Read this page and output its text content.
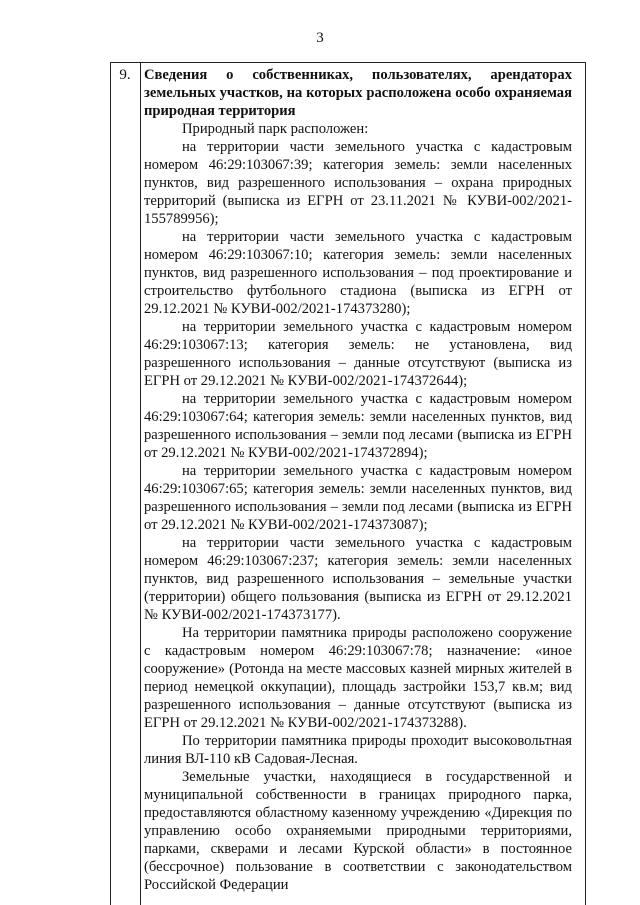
3
9. Сведения о собственниках, пользователях, арендаторах земельных участков, на которых расположена особо охраняемая природная территория

Природный парк расположен:

на территории части земельного участка с кадастровым номером 46:29:103067:39; категория земель: земли населенных пунктов, вид разрешенного использования – охрана природных территорий (выписка из ЕГРН от 23.11.2021 № КУВИ-002/2021-155789956);

на территории части земельного участка с кадастровым номером 46:29:103067:10; категория земель: земли населенных пунктов, вид разрешенного использования – под проектирование и строительство футбольного стадиона (выписка из ЕГРН от 29.12.2021 № КУВИ-002/2021-174373280);

на территории земельного участка с кадастровым номером 46:29:103067:13; категория земель: не установлена, вид разрешенного использования – данные отсутствуют (выписка из ЕГРН от 29.12.2021 № КУВИ-002/2021-174372644);

на территории земельного участка с кадастровым номером 46:29:103067:64; категория земель: земли населенных пунктов, вид разрешенного использования – земли под лесами (выписка из ЕГРН от 29.12.2021 № КУВИ-002/2021-174372894);

на территории земельного участка с кадастровым номером 46:29:103067:65; категория земель: земли населенных пунктов, вид разрешенного использования – земли под лесами (выписка из ЕГРН от 29.12.2021 № КУВИ-002/2021-174373087);

на территории части земельного участка с кадастровым номером 46:29:103067:237; категория земель: земли населенных пунктов, вид разрешенного использования – земельные участки (территории) общего пользования (выписка из ЕГРН от 29.12.2021 № КУВИ-002/2021-174373177).

На территории памятника природы расположено сооружение с кадастровым номером 46:29:103067:78; назначение: «иное сооружение» (Ротонда на месте массовых казней мирных жителей в период немецкой оккупации), площадь застройки 153,7 кв.м; вид разрешенного использования – данные отсутствуют (выписка из ЕГРН от 29.12.2021 № КУВИ-002/2021-174373288).

По территории памятника природы проходит высоковольтная линия ВЛ-110 кВ Садовая-Лесная.

Земельные участки, находящиеся в государственной и муниципальной собственности в границах природного парка, предоставляются областному казенному учреждению «Дирекция по управлению особо охраняемыми природными территориями, парками, скверами и лесами Курской области» в постоянное (бессрочное) пользование в соответствии с законодательством Российской Федерации
